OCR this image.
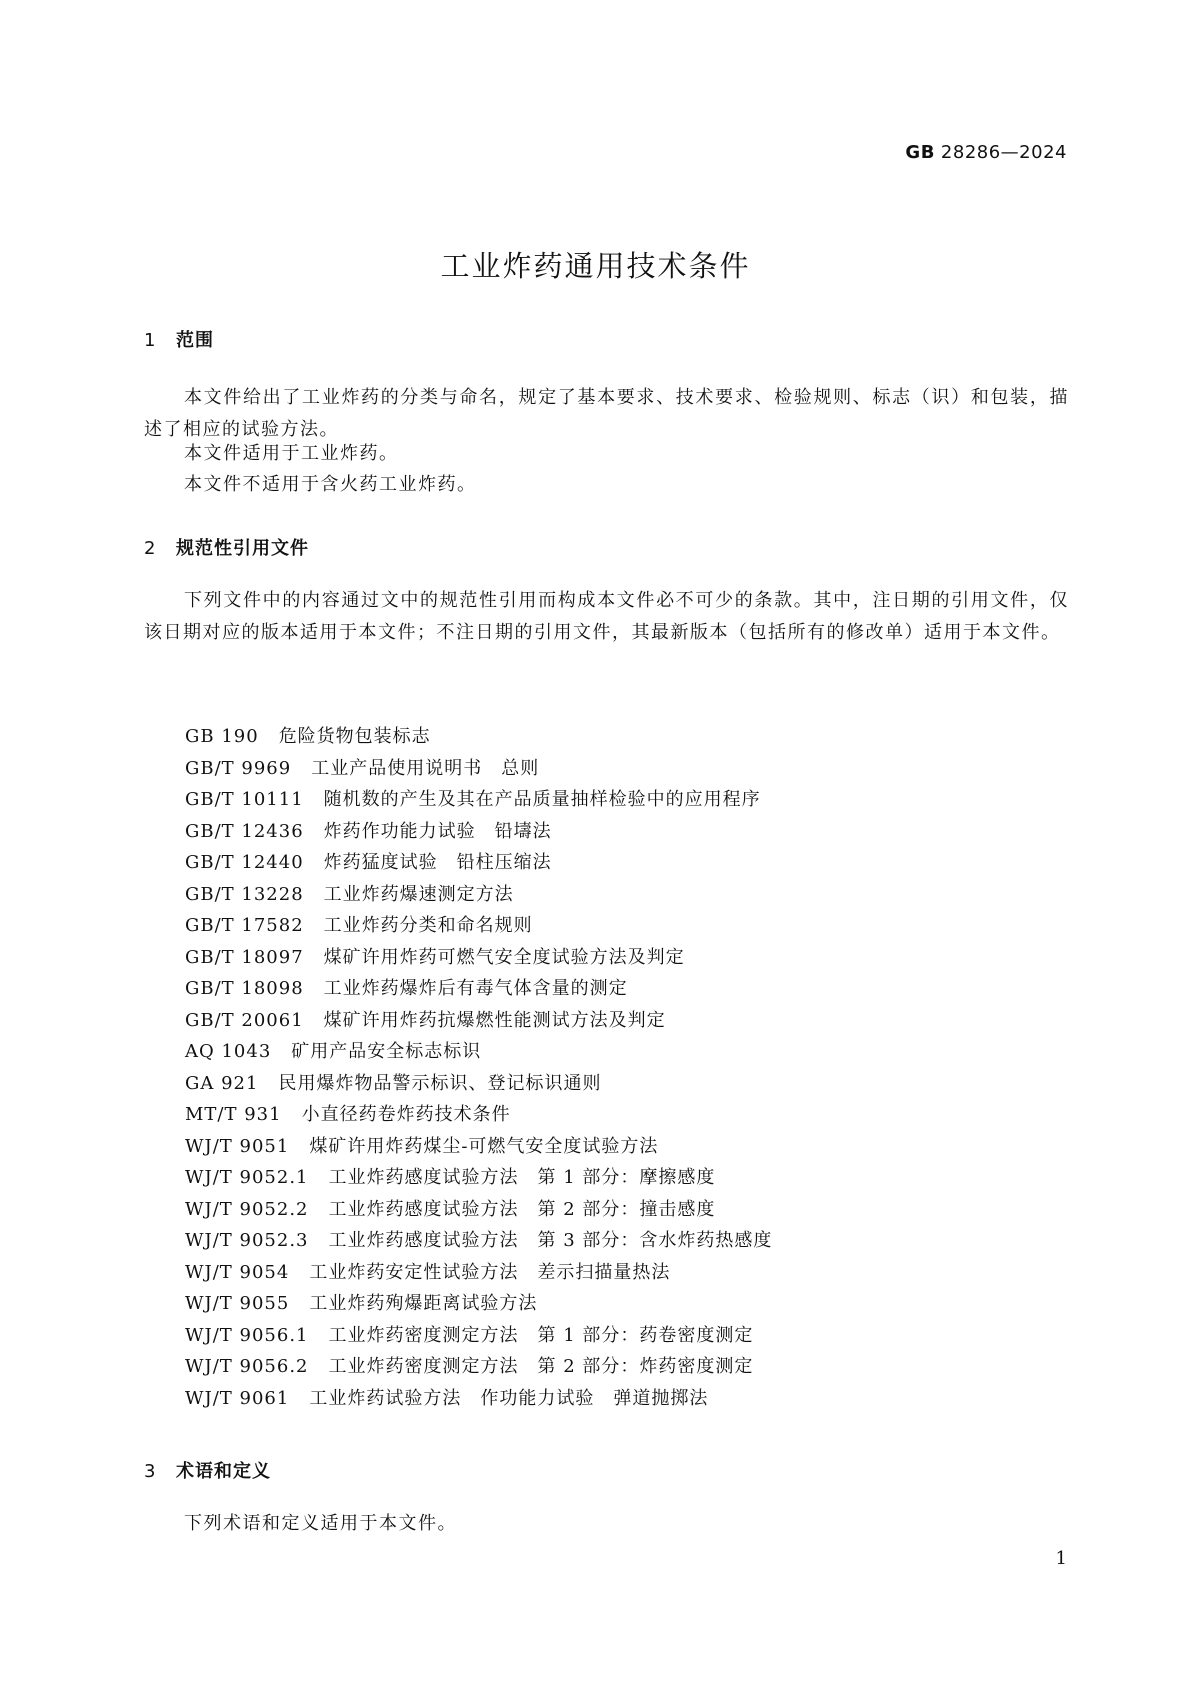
GB 28286—2024
工业炸药通用技术条件
1 范围

本文件给出了工业炸药的分类与命名，规定了基本要求、技术要求、检验规则、标志（识）和包装，描述了相应的试验方法。

本文件适用于工业炸药。

本文件不适用于含火药工业炸药。

2 规范性引用文件

下列文件中的内容通过文中的规范性引用而构成本文件必不可少的条款。其中，注日期的引用文件，仅该日期对应的版本适用于本文件；不注日期的引用文件，其最新版本（包括所有的修改单）适用于本文件。

GB 190 危险货物包装标志
GB/T 9969 工业产品使用说明书　总则
GB/T 10111 随机数的产生及其在产品质量抽样检验中的应用程序
GB/T 12436 炸药作功能力试验　铅壔法
GB/T 12440 炸药猛度试验　铅柱压缩法
GB/T 13228 工业炸药爆速测定方法
GB/T 17582 工业炸药分类和命名规则
GB/T 18097 煤矿许用炸药可燃气安全度试验方法及判定
GB/T 18098 工业炸药爆炸后有毒气体含量的测定
GB/T 20061 煤矿许用炸药抗爆燃性能测试方法及判定
AQ 1043 矿用产品安全标志标识
GA 921 民用爆炸物品警示标识、登记标识通则
MT/T 931 小直径药卷炸药技术条件
WJ/T 9051 煤矿许用炸药煤尘-可燃气安全度试验方法
WJ/T 9052.1 工业炸药感度试验方法　第 1 部分：摩擦感度
WJ/T 9052.2 工业炸药感度试验方法　第 2 部分：撞击感度
WJ/T 9052.3 工业炸药感度试验方法　第 3 部分：含水炸药热感度
WJ/T 9054 工业炸药安定性试验方法　差示扫描量热法
WJ/T 9055 工业炸药殉爆距离试验方法
WJ/T 9056.1 工业炸药密度测定方法　第 1 部分：药卷密度测定
WJ/T 9056.2 工业炸药密度测定方法　第 2 部分：炸药密度测定
WJ/T 9061 工业炸药试验方法　作功能力试验　弹道抛掷法
3 术语和定义

下列术语和定义适用于本文件。

1
